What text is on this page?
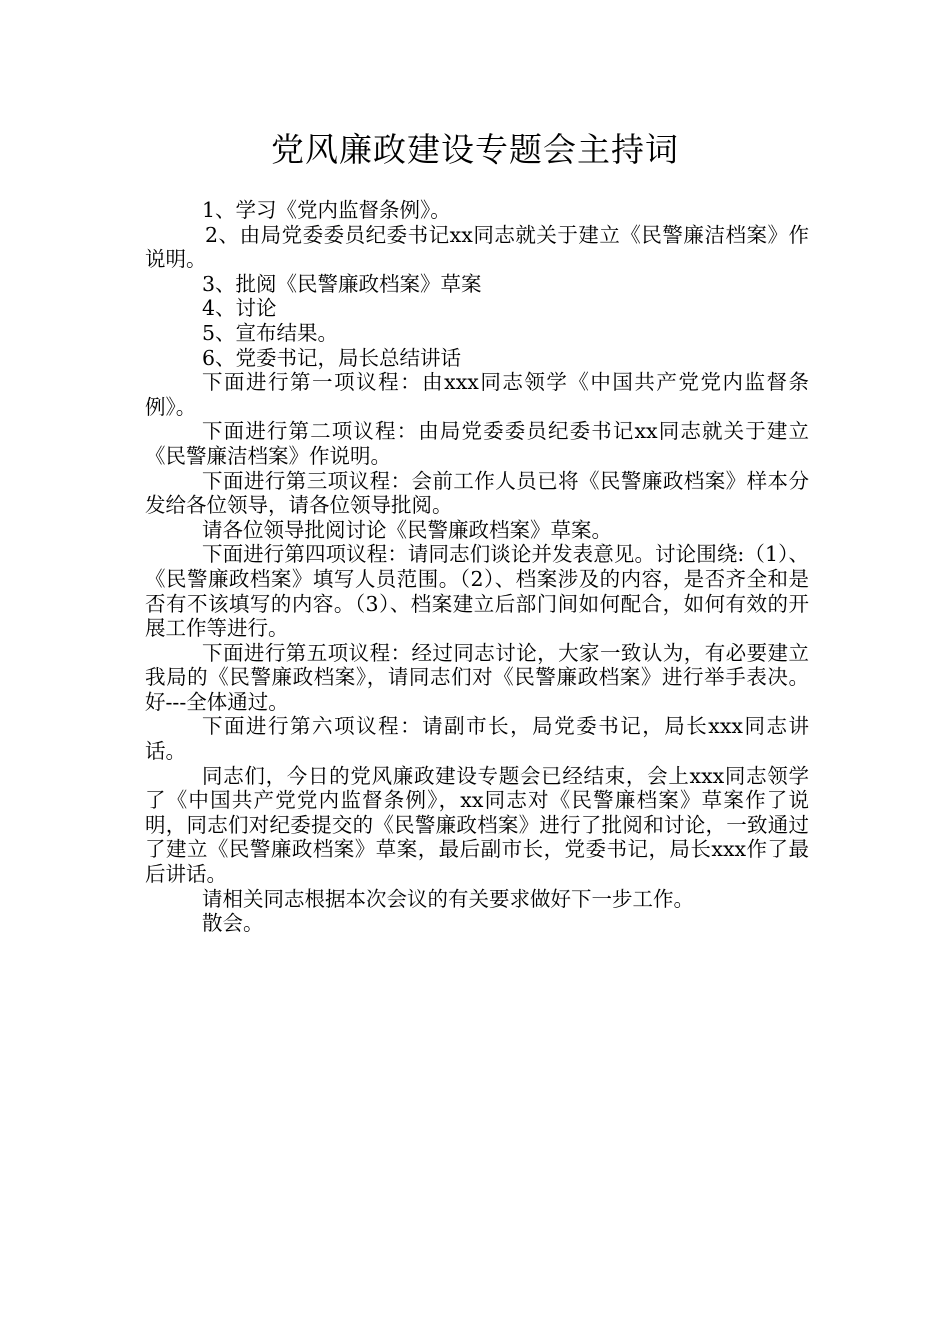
党风廉政建设专题会主持词

1、学习《党内监督条例》。

2、由局党委委员纪委书记xx同志就关于建立《民警廉洁档案》作说明。

3、批阅《民警廉政档案》草案

4、讨论

5、宣布结果。

6、党委书记，局长总结讲话

下面进行第一项议程：由xxx同志领学《中国共产党党内监督条例》。

下面进行第二项议程：由局党委委员纪委书记xx同志就关于建立《民警廉洁档案》作说明。

下面进行第三项议程：会前工作人员已将《民警廉政档案》样本分发给各位领导，请各位领导批阅。

请各位领导批阅讨论《民警廉政档案》草案。

下面进行第四项议程：请同志们谈论并发表意见。讨论围绕:（1）、《民警廉政档案》填写人员范围。（2）、档案涉及的内容，是否齐全和是否有不该填写的内容。（3）、档案建立后部门间如何配合，如何有效的开展工作等进行。

下面进行第五项议程：经过同志讨论，大家一致认为，有必要建立我局的《民警廉政档案》，请同志们对《民警廉政档案》进行举手表决。好---全体通过。

下面进行第六项议程：请副市长，局党委书记，局长xxx同志讲话。

同志们，今日的党风廉政建设专题会已经结束，会上xxx同志领学了《中国共产党党内监督条例》，xx同志对《民警廉档案》草案作了说明，同志们对纪委提交的《民警廉政档案》进行了批阅和讨论，一致通过了建立《民警廉政档案》草案，最后副市长，党委书记，局长xxx作了最后讲话。

请相关同志根据本次会议的有关要求做好下一步工作。

散会。
